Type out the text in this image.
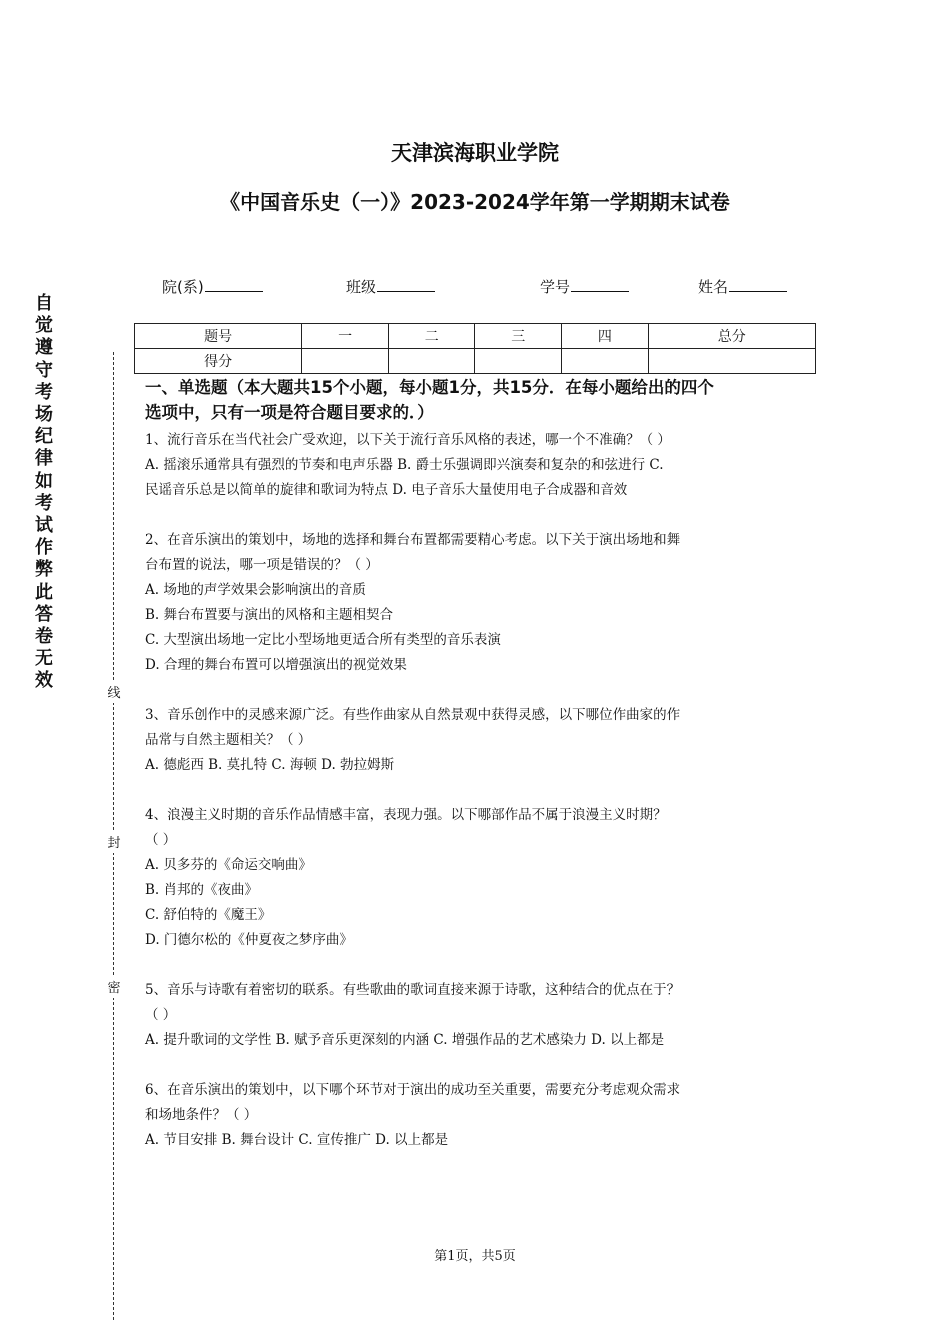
天津滨海职业学院
《中国音乐史（一）》2023-2024学年第一学期期末试卷
院(系)	班级	学号	姓名
自觉遵守考场纪律如考试作弊此答卷无效
线
封
密
题号	一	二	三	四	总分
得分					
一、单选题（本大题共15个小题，每小题1分，共15分．在每小题给出的四个
选项中，只有一项是符合题目要求的．）
1、流行音乐在当代社会广受欢迎，以下关于流行音乐风格的表述，哪一个不准确？（ ）
A. 摇滚乐通常具有强烈的节奏和电声乐器 B. 爵士乐强调即兴演奏和复杂的和弦进行 C.
民谣音乐总是以简单的旋律和歌词为特点 D. 电子音乐大量使用电子合成器和音效
2、在音乐演出的策划中，场地的选择和舞台布置都需要精心考虑。以下关于演出场地和舞
台布置的说法，哪一项是错误的？（ ）
A. 场地的声学效果会影响演出的音质
B. 舞台布置要与演出的风格和主题相契合
C. 大型演出场地一定比小型场地更适合所有类型的音乐表演
D. 合理的舞台布置可以增强演出的视觉效果
3、音乐创作中的灵感来源广泛。有些作曲家从自然景观中获得灵感，以下哪位作曲家的作
品常与自然主题相关？（ ）
A. 德彪西 B. 莫扎特 C. 海顿 D. 勃拉姆斯
4、浪漫主义时期的音乐作品情感丰富，表现力强。以下哪部作品不属于浪漫主义时期？
（ ）
A. 贝多芬的《命运交响曲》
B. 肖邦的《夜曲》
C. 舒伯特的《魔王》
D. 门德尔松的《仲夏夜之梦序曲》
5、音乐与诗歌有着密切的联系。有些歌曲的歌词直接来源于诗歌，这种结合的优点在于？
（ ）
A. 提升歌词的文学性 B. 赋予音乐更深刻的内涵 C. 增强作品的艺术感染力 D. 以上都是
6、在音乐演出的策划中，以下哪个环节对于演出的成功至关重要，需要充分考虑观众需求
和场地条件？（ ）
A. 节目安排 B. 舞台设计 C. 宣传推广 D. 以上都是
第1页，共5页
